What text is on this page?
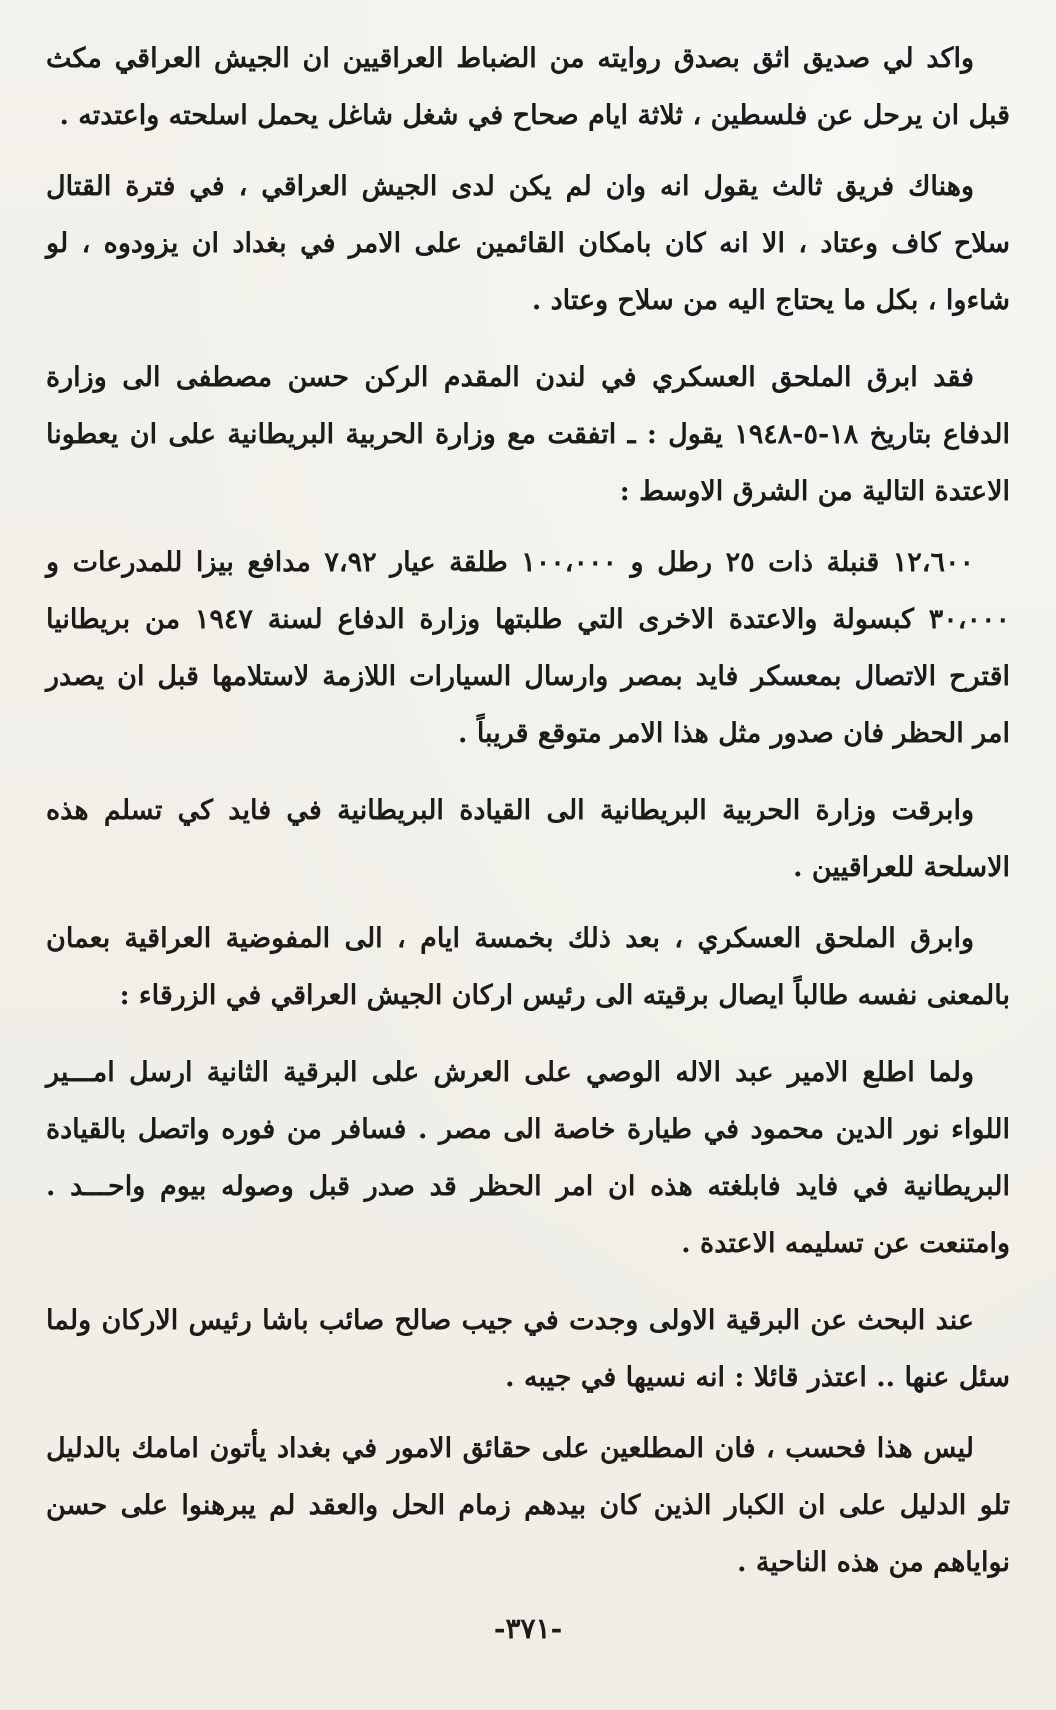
واكد لي صديق اثق بصدق روايته من الضباط العراقيين ان الجيش العراقي مكث قبل ان يرحل عن فلسطين ، ثلاثة ايام صحاح في شغل شاغل يحمل اسلحته واعتدته .

وهناك فريق ثالث يقول انه وان لم يكن لدى الجيش العراقي ، في فترة القتال سلاح كاف وعتاد ، الا انه كان بامكان القائمين على الامر في بغداد ان يزودوه ، لو شاءوا ، بكل ما يحتاج اليه من سلاح وعتاد .

فقد ابرق الملحق العسكري في لندن المقدم الركن حسن مصطفى الى وزارة الدفاع بتاريخ ١٨-٥-١٩٤٨ يقول : ـ اتفقت مع وزارة الحربية البريطانية على ان يعطونا الاعتدة التالية من الشرق الاوسط :

١٢،٦٠٠ قنبلة ذات ٢٥ رطل و ١٠٠،٠٠٠ طلقة عيار ٧،٩٢ مدافع بيزا للمدرعات و ٣٠،٠٠٠ كبسولة والاعتدة الاخرى التي طلبتها وزارة الدفاع لسنة ١٩٤٧ من بريطانيا اقترح الاتصال بمعسكر فايد بمصر وارسال السيارات اللازمة لاستلامها قبل ان يصدر امر الحظر فان صدور مثل هذا الامر متوقع قريباً .

وابرقت وزارة الحربية البريطانية الى القيادة البريطانية في فايد كي تسلم هذه الاسلحة للعراقيين .

وابرق الملحق العسكري ، بعد ذلك بخمسة ايام ، الى المفوضية العراقية بعمان بالمعنى نفسه طالباً ايصال برقيته الى رئيس اركان الجيش العراقي في الزرقاء :

ولما اطلع الامير عبد الاله الوصي على العرش على البرقية الثانية ارسل امـــير اللواء نور الدين محمود في طيارة خاصة الى مصر . فسافر من فوره واتصل بالقيادة البريطانية في فايد فابلغته هذه ان امر الحظر قد صدر قبل وصوله بيوم واحـــد . وامتنعت عن تسليمه الاعتدة .

عند البحث عن البرقية الاولى وجدت في جيب صالح صائب باشا رئيس الاركان ولما سئل عنها .. اعتذر قائلا : انه نسيها في جيبه .

ليس هذا فحسب ، فان المطلعين على حقائق الامور في بغداد يأتون امامك بالدليل تلو الدليل على ان الكبار الذين كان بيدهم زمام الحل والعقد لم يبرهنوا على حسن نواياهم من هذه الناحية .

-٣٧١-
